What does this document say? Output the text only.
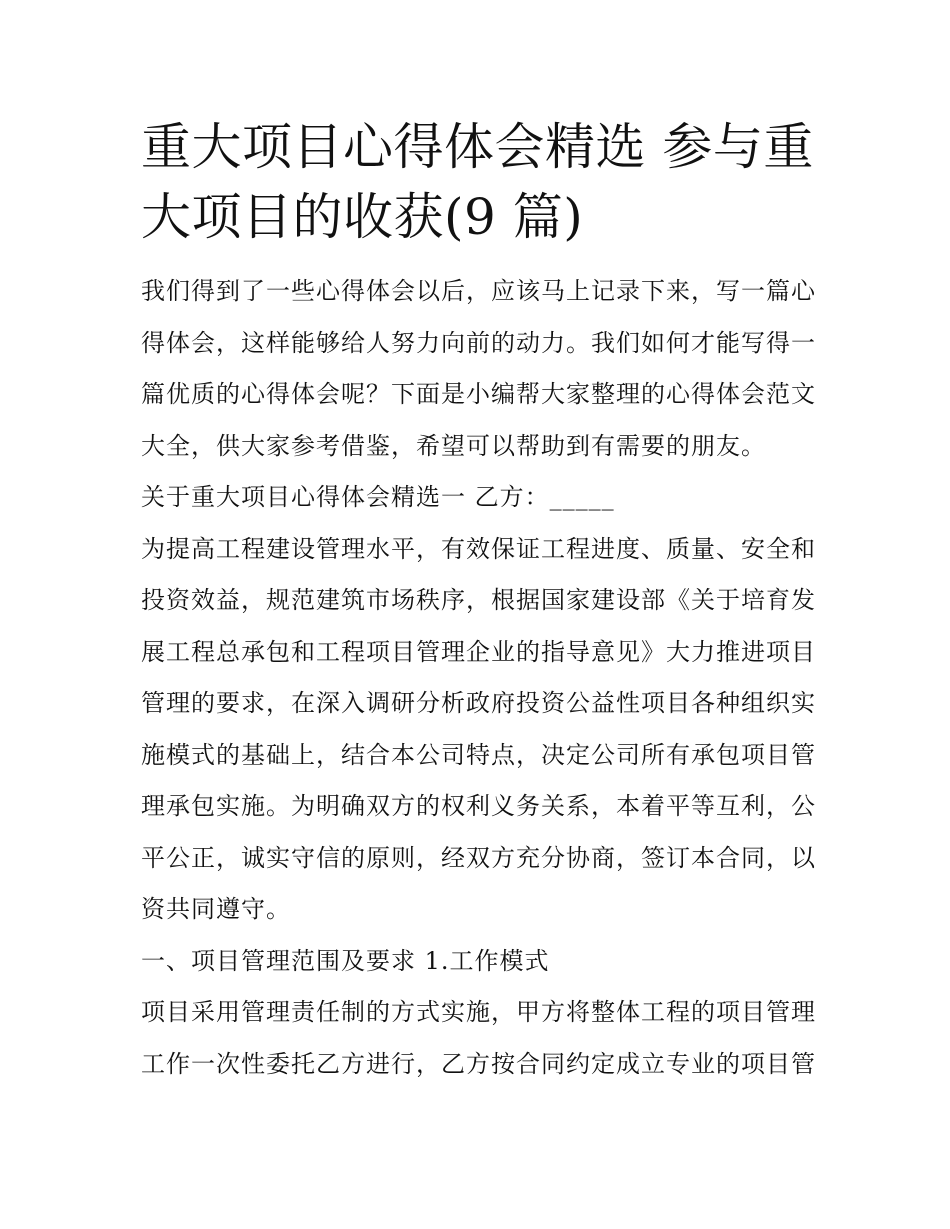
重大项目心得体会精选 参与重
大项目的收获(9 篇)
我们得到了一些心得体会以后，应该马上记录下来，写一篇心
得体会，这样能够给人努力向前的动力。我们如何才能写得一
篇优质的心得体会呢？下面是小编帮大家整理的心得体会范文
大全，供大家参考借鉴，希望可以帮助到有需要的朋友。
关于重大项目心得体会精选一 乙方：_____
为提高工程建设管理水平，有效保证工程进度、质量、安全和
投资效益，规范建筑市场秩序，根据国家建设部《关于培育发
展工程总承包和工程项目管理企业的指导意见》大力推进项目
管理的要求，在深入调研分析政府投资公益性项目各种组织实
施模式的基础上，结合本公司特点，决定公司所有承包项目管
理承包实施。为明确双方的权利义务关系，本着平等互利，公
平公正，诚实守信的原则，经双方充分协商，签订本合同，以
资共同遵守。
一、项目管理范围及要求 1.工作模式
项目采用管理责任制的方式实施，甲方将整体工程的项目管理
工作一次性委托乙方进行，乙方按合同约定成立专业的项目管
